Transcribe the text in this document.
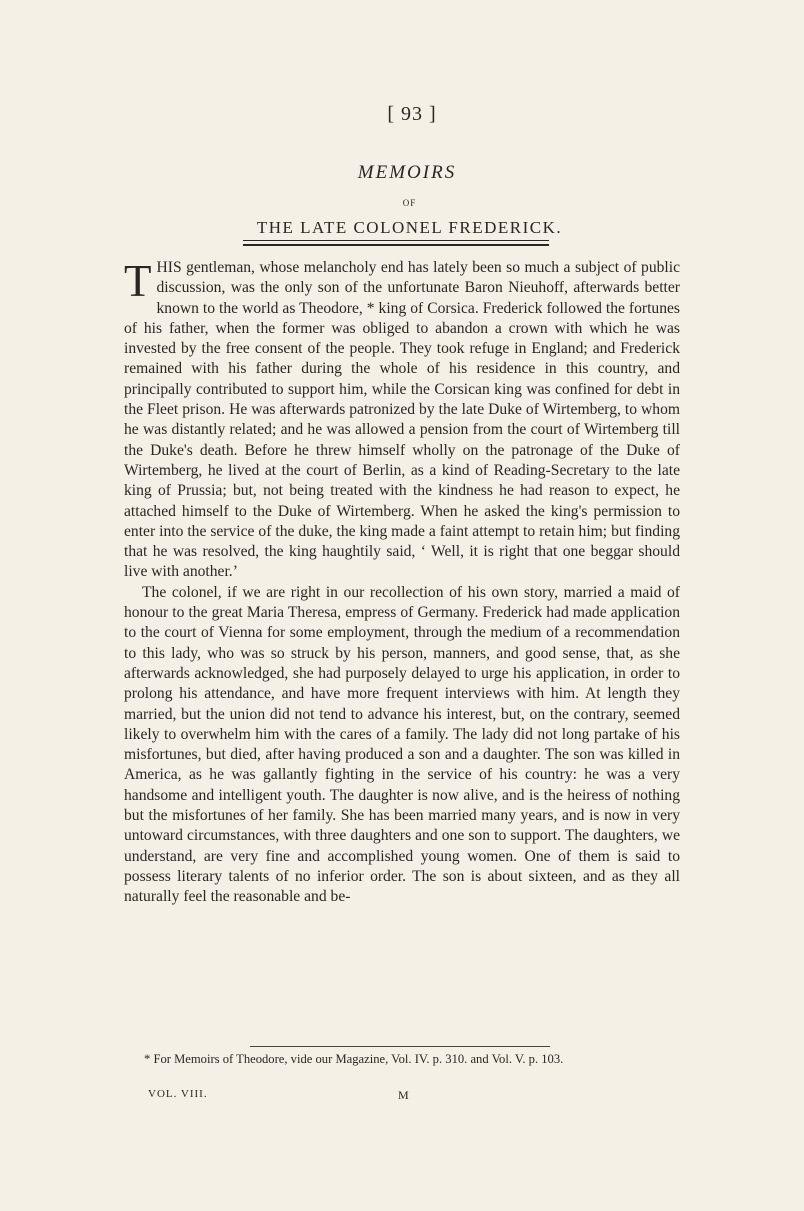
[ 93 ]
MEMOIRS
OF
THE LATE COLONEL FREDERICK.

THIS gentleman, whose melancholy end has lately been so much a subject of public discussion, was the only son of the unfortunate Baron Nieuhoff, afterwards better known to the world as Theodore, * king of Corsica. Frederick followed the fortunes of his father, when the former was obliged to abandon a crown with which he was invested by the free consent of the people. They took refuge in England; and Frederick remained with his father during the whole of his residence in this country, and principally contributed to support him, while the Corsican king was confined for debt in the Fleet prison. He was afterwards patronized by the late Duke of Wirtemberg, to whom he was distantly related; and he was allowed a pension from the court of Wirtemberg till the Duke's death. Before he threw himself wholly on the patronage of the Duke of Wirtemberg, he lived at the court of Berlin, as a kind of Reading-Secretary to the late king of Prussia; but, not being treated with the kindness he had reason to expect, he attached himself to the Duke of Wirtemberg. When he asked the king's permission to enter into the service of the duke, the king made a faint attempt to retain him; but finding that he was resolved, the king haughtily said, ‘ Well, it is right that one beggar should live with another.’

The colonel, if we are right in our recollection of his own story, married a maid of honour to the great Maria Theresa, empress of Germany. Frederick had made application to the court of Vienna for some employment, through the medium of a recommendation to this lady, who was so struck by his person, manners, and good sense, that, as she afterwards acknowledged, she had purposely delayed to urge his application, in order to prolong his attendance, and have more frequent interviews with him. At length they married, but the union did not tend to advance his interest, but, on the contrary, seemed likely to overwhelm him with the cares of a family. The lady did not long partake of his misfortunes, but died, after having produced a son and a daughter. The son was killed in America, as he was gallantly fighting in the service of his country: he was a very handsome and intelligent youth. The daughter is now alive, and is the heiress of nothing but the misfortunes of her family. She has been married many years, and is now in very untoward circumstances, with three daughters and one son to support. The daughters, we understand, are very fine and accomplished young women. One of them is said to possess literary talents of no inferior order. The son is about sixteen, and as they all naturally feel the reasonable and be-

* For Memoirs of Theodore, vide our Magazine, Vol. IV. p. 310. and Vol. V. p. 103.

VOL. VIII.	M
